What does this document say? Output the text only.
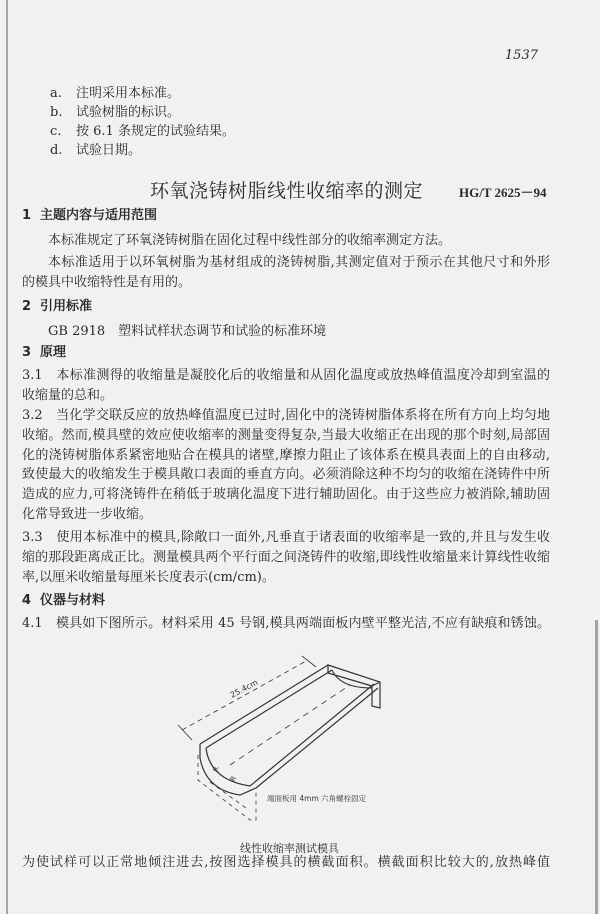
1537
a. 注明采用本标准。
b. 试验树脂的标识。
c. 按 6.1 条规定的试验结果。
d. 试验日期。
环氧浇铸树脂线性收缩率的测定	HG/T 2625－94
1 主题内容与适用范围
本标准规定了环氧浇铸树脂在固化过程中线性部分的收缩率测定方法。
本标准适用于以环氧树脂为基材组成的浇铸树脂,其测定值对于预示在其他尺寸和外形
的模具中收缩特性是有用的。
2 引用标准
GB 2918　塑料试样状态调节和试验的标准环境
3 原理
3.1　本标准测得的收缩量是凝胶化后的收缩量和从固化温度或放热峰值温度冷却到室温的
收缩量的总和。
3.2　当化学交联反应的放热峰值温度已过时,固化中的浇铸树脂体系将在所有方向上均匀地
收缩。然而,模具壁的效应使收缩率的测量变得复杂,当最大收缩正在出现的那个时刻,局部固
化的浇铸树脂体系紧密地贴合在模具的诸壁,摩擦力阻止了该体系在模具表面上的自由移动,
致使最大的收缩发生于模具敞口表面的垂直方向。必须消除这种不均匀的收缩在浇铸件中所
造成的应力,可将浇铸件在稍低于玻璃化温度下进行辅助固化。由于这些应力被消除,辅助固
化常导致进一步收缩。
3.3　使用本标准中的模具,除敞口一面外,凡垂直于诸表面的收缩率是一致的,并且与发生收
缩的那段距离成正比。测量模具两个平行面之间浇铸件的收缩,即线性收缩量来计算线性收缩
率,以厘米收缩量每厘米长度表示(cm/cm)。
4 仪器与材料
4.1　模具如下图所示。材料采用 45 号钢,模具两端面板内壁平整光洁,不应有缺痕和锈蚀。
25.4cm
R
R
端面板用 4mm 六角螺栓固定
线性收缩率测试模具
为使试样可以正常地倾注进去,按图选择模具的横截面积。横截面积比较大的,放热峰值
